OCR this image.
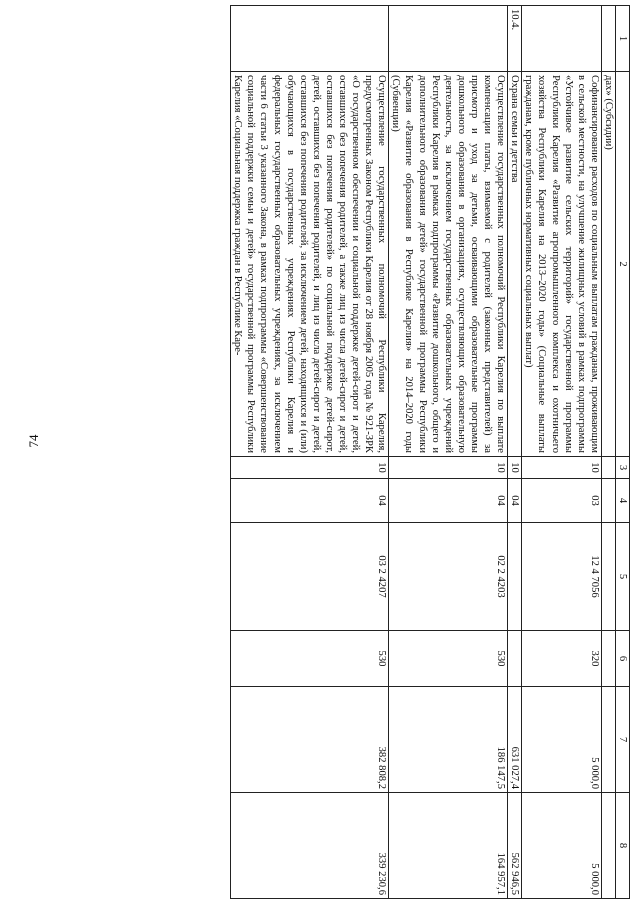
74
1	2	3	4	5	6	7	8
	дах» (Субсидии)						
	Софинансирование расходов по социальным выплатам гражданам, проживающим в сельской местности, на улучшение жилищных условий в рамках подпрограммы «Устойчивое развитие сельских территорий» государственной программы Республики Карелия «Развитие агропромышленного комплекса и охотничьего хозяйства Республики Карелия на 2013–2020 годы» (Социальные выплаты гражданам, кроме публичных нормативных социальных выплат)	10	03	12 4 7056	320	5 000,0	5 000,0

10.4.	Охрана семьи и детства	10	04			631 027,4	562 946,5

	Осуществление государственных полномочий Республики Карелия по выплате компенсации платы, взимаемой с родителей (законных представителей) за присмотр и уход за детьми, осваивающими образовательные программы дошкольного образования в организациях, осуществляющих образовательную деятельность, за исключением государственных образовательных учреждений Республики Карелия в рамках подпрограммы «Развитие дошкольного, общего и дополнительного образования детей» государственной программы Республики Карелия «Развитие образования в Республике Карелия» на 2014–2020 годы (Субвенции)	10	04	02 2 4203	530	186 147,5	164 957,1

	Осуществление государственных полномочий Республики Карелия, предусмотренных Законом Республики Карелия от 28 ноября 2005 года № 921-ЗРК «О государственном обеспечении и социальной поддержке детей-сирот и детей, оставшихся без попечения родителей, а также лиц из числа детей-сирот и детей, оставшихся без попечения родителей» по социальной поддержке детей-сирот, детей, оставшихся без попечения родителей, и лиц из числа детей-сирот и детей, оставшихся без попечения родителей, за исключением детей, находящихся и (или) обучающихся в государственных учреждениях Республики Карелия и федеральных государственных образовательных учреждениях, за исключением части 6 статьи 3 указанного Закона, в рамках подпрограммы «Совершенствование социальной поддержки семьи и детей» государственной программы Республики Карелия «Социальная поддержка граждан в Республике Каре-	10	04	03 2 4207	530	382 808,2	339 230,6
